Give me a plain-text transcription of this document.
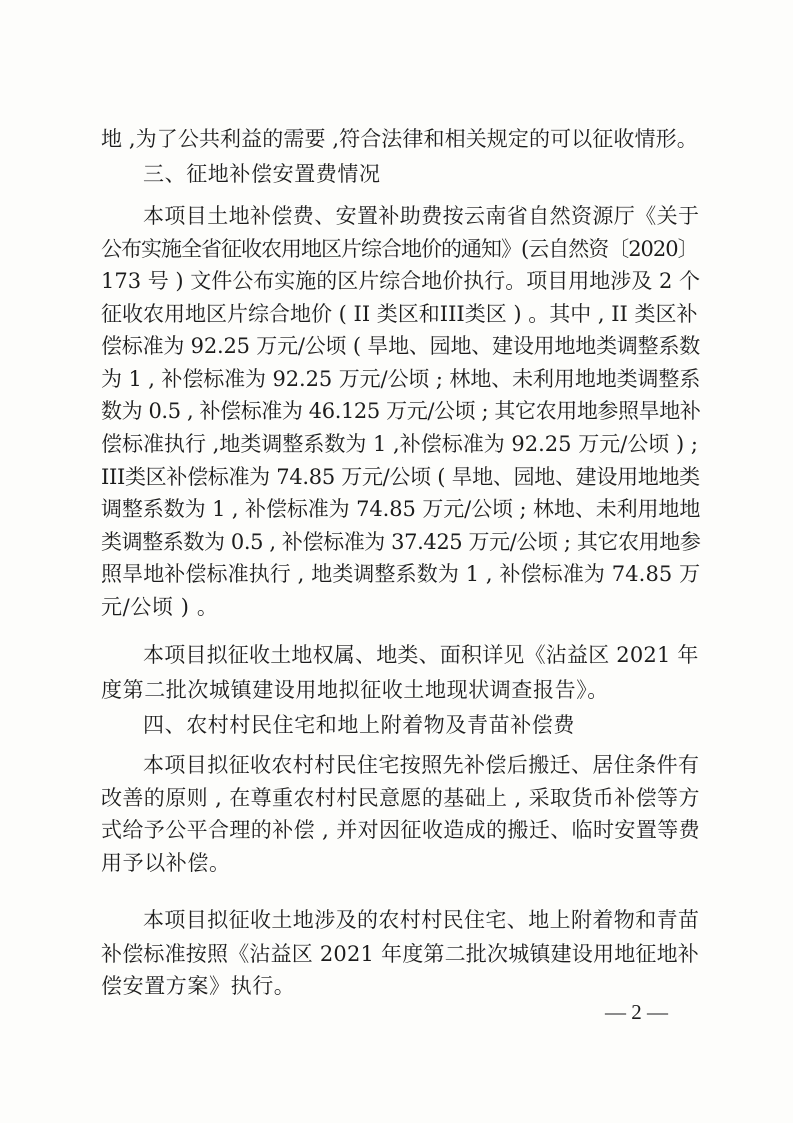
地 ,为了公共利益的需要 ,符合法律和相关规定的可以征收情形。
三、征地补偿安置费情况
本项目土地补偿费、安置补助费按云南省自然资源厅《关于
公布实施全省征收农用地区片综合地价的通知》(云自然资〔2020〕
173 号 ) 文件公布实施的区片综合地价执行。项目用地涉及 2 个
征收农用地区片综合地价 ( II 类区和III类区 ) 。其中 , II 类区补
偿标准为 92.25 万元/公顷 ( 旱地、园地、建设用地地类调整系数
为 1 , 补偿标准为 92.25 万元/公顷 ; 林地、未利用地地类调整系
数为 0.5 , 补偿标准为 46.125 万元/公顷 ; 其它农用地参照旱地补
偿标准执行 ,地类调整系数为 1 ,补偿标准为 92.25 万元/公顷 ) ;
III类区补偿标准为 74.85 万元/公顷 ( 旱地、园地、建设用地地类
调整系数为 1 , 补偿标准为 74.85 万元/公顷 ; 林地、未利用地地
类调整系数为 0.5 , 补偿标准为 37.425 万元/公顷 ; 其它农用地参
照旱地补偿标准执行 , 地类调整系数为 1 , 补偿标准为 74.85 万
元/公顷 ) 。
本项目拟征收土地权属、地类、面积详见《沾益区 2021 年
度第二批次城镇建设用地拟征收土地现状调查报告》。
四、农村村民住宅和地上附着物及青苗补偿费
本项目拟征收农村村民住宅按照先补偿后搬迁、居住条件有
改善的原则 , 在尊重农村村民意愿的基础上 , 采取货币补偿等方
式给予公平合理的补偿 , 并对因征收造成的搬迁、临时安置等费
用予以补偿。
本项目拟征收土地涉及的农村村民住宅、地上附着物和青苗
补偿标准按照《沾益区 2021 年度第二批次城镇建设用地征地补
偿安置方案》执行。
— 2 —
